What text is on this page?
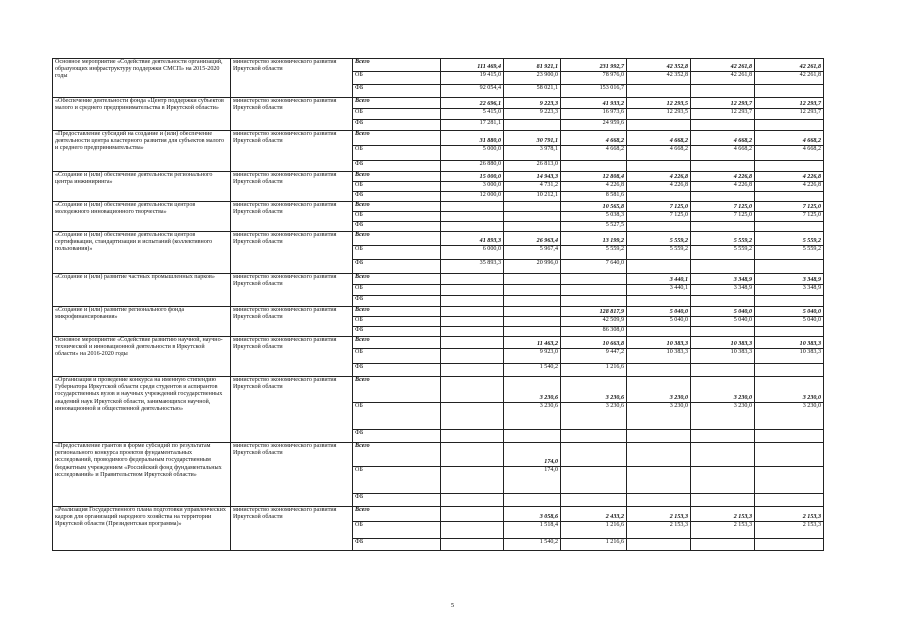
Основное мероприятие «Содействие деятельности организаций, образующих инфраструктуру поддержки СМСП» на 2015-2020 годы	министерство экономического развития Иркутской области	Всего	111 469,4	81 921,1	231 992,7	42 352,8	42 261,8	42 261,8
		ОБ	19 415,0	23 900,0	78 976,0	42 352,8	42 261,8	42 261,8
		ФБ	92 054,4	58 021,1	153 016,7			
«Обеспечение деятельности фонда «Центр поддержки субъектов малого и среднего предпринимательства в Иркутской области»	министерство экономического развития Иркутской области	Всего	22 696,1	9 223,3	41 933,2	12 293,5	12 293,7	12 293,7
		ОБ	5 415,0	9 223,3	16 973,6	12 293,5	12 293,7	12 293,7
		ФБ	17 281,1		24 959,6			
«Предоставление субсидий на создание и (или) обеспечение деятельности центра кластерного развития для субъектов малого и среднего предпринимательства»	министерство экономического развития Иркутской области	Всего	31 880,0	30 791,1	4 668,2	4 668,2	4 668,2	4 668,2
		ОБ	5 000,0	3 978,1	4 668,2	4 668,2	4 668,2	4 668,2
		ФБ	26 880,0	26 813,0				
«Создание и (или) обеспечение деятельности регионального центра инжиниринга»	министерство экономического развития Иркутской области	Всего	15 000,0	14 943,3	12 808,4	4 226,8	4 226,8	4 226,8
		ОБ	3 000,0	4 731,2	4 226,8	4 226,8	4 226,8	4 226,8
		ФБ	12 000,0	10 212,1	8 581,6			
«Создание и (или) обеспечение деятельности центров молодежного инновационного творчества»	министерство экономического развития Иркутской области	Всего			10 565,8	7 125,0	7 125,0	7 125,0
		ОБ			5 038,3	7 125,0	7 125,0	7 125,0
		ФБ			5 527,5			
«Создание и (или) обеспечение деятельности центров сертификации, стандартизации и испытаний (коллективного пользования)»	министерство экономического развития Иркутской области	Всего	41 893,3	26 963,4	13 199,2	5 559,2	5 559,2	5 559,2
		ОБ	6 000,0	5 967,4	5 559,2	5 559,2	5 559,2	5 559,2
		ФБ	35 893,3	20 996,0	7 640,0			
«Создание и (или) развитие частных промышленных парков»	министерство экономического развития Иркутской области	Всего				3 440,1	3 348,9	3 348,9
		ОБ				3 440,1	3 348,9	3 348,9
		ФБ						
«Создание и (или) развитие регионального фонда микрофинансирования»	министерство экономического развития Иркутской области	Всего			128 817,9	5 040,0	5 040,0	5 040,0
		ОБ			42 509,9	5 040,0	5 040,0	5 040,0
		ФБ			86 308,0			
Основное мероприятие «Содействие развитию научной, научно-технической и инновационной деятельности в Иркутской области» на 2016-2020 годы	министерство экономического развития Иркутской области	Всего		11 463,2	10 663,8	10 383,3	10 383,3	10 383,3
		ОБ		9 923,0	9 447,2	10 383,3	10 383,3	10 383,3
		ФБ		1 540,2	1 216,6			
«Организация и проведение конкурса на именную стипендию Губернатора Иркутской области среди студентов и аспирантов государственных вузов и научных учреждений государственных академий наук Иркутской области, занимающихся научной, инновационной и общественной деятельностью»	министерство экономического развития Иркутской области	Всего		3 230,6	3 230,6	3 230,0	3 230,0	3 230,0
		ОБ		3 230,6	3 230,6	3 230,0	3 230,0	3 230,0
		ФБ						
«Предоставление грантов в форме субсидий по результатам регионального конкурса проектов фундаментальных исследований, проводимого федеральным государственным бюджетным учреждением «Российский фонд фундаментальных исследований» и Правительством Иркутской области»	министерство экономического развития Иркутской области	Всего		174,0				
		ОБ		174,0				
		ФБ						
«Реализация Государственного плана подготовки управленческих кадров для организаций народного хозяйства на территории Иркутской области (Президентская программа)»	министерство экономического развития Иркутской области	Всего		3 058,6	2 433,2	2 153,3	2 153,3	2 153,3
		ОБ		1 518,4	1 216,6	2 153,3	2 153,3	2 153,3
		ФБ		1 540,2	1 216,6			
5
